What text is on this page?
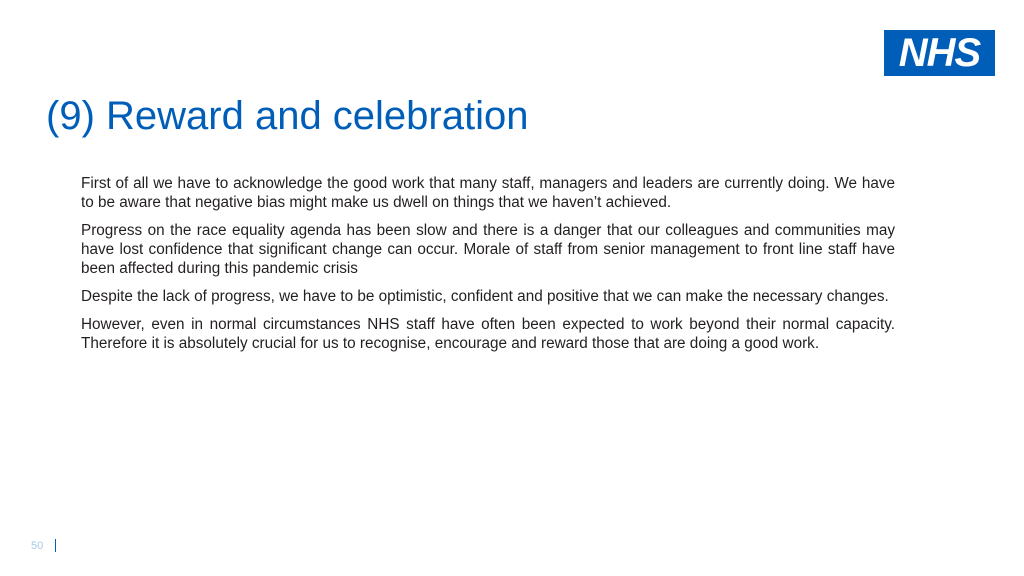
NHS
(9) Reward and celebration

First of all we have to acknowledge the good work that many staff, managers and leaders are currently doing. We have to be aware that negative bias might make us dwell on things that we haven’t achieved.

Progress on the race equality agenda has been slow and there is a danger that our colleagues and communities may have lost confidence that significant change can occur. Morale of staff from senior management to front line staff have been affected during this pandemic crisis

Despite the lack of progress, we have to be optimistic, confident and positive that we can make the necessary changes.

However, even in normal circumstances NHS staff have often been expected to work beyond their normal capacity. Therefore it is absolutely crucial for us to recognise, encourage and reward those that are doing a good work.

50
